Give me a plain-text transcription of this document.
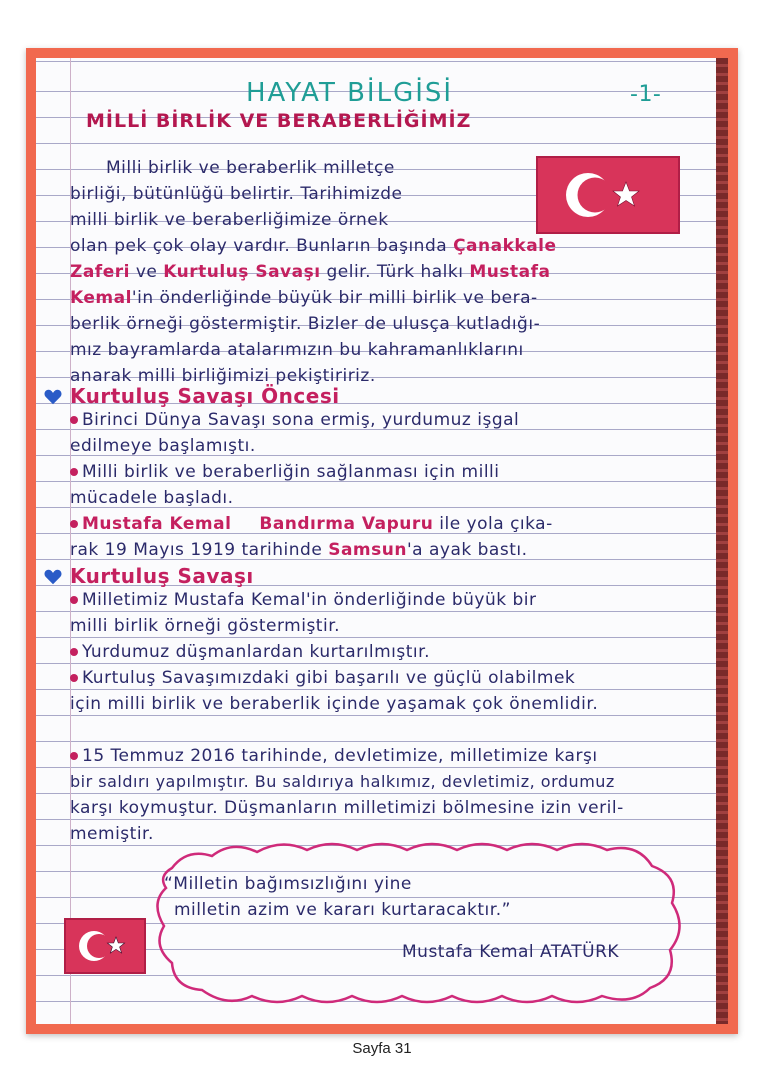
HAYAT BİLGİSİ	-1-
MİLLİ BİRLİK VE BERABERLİĞİMİZ
Milli birlik ve beraberlik milletçe
birliği, bütünlüğü belirtir. Tarihimizde
milli birlik ve beraberliğimize örnek
olan pek çok olay vardır. Bunların başında Çanakkale
Zaferi ve Kurtuluş Savaşı gelir. Türk halkı Mustafa
Kemal'in önderliğinde büyük bir milli birlik ve bera-
berlik örneği göstermiştir. Bizler de ulusça kutladığı-
mız bayramlarda atalarımızın bu kahramanlıklarını
anarak milli birliğimizi pekiştiririz.
Kurtuluş Savaşı Öncesi
Birinci Dünya Savaşı sona ermiş, yurdumuz işgal
edilmeye başlamıştı.
Milli birlik ve beraberliğin sağlanması için milli
mücadele başladı.
Mustafa Kemal Bandırma Vapuru ile yola çıka-
rak 19 Mayıs 1919 tarihinde Samsun'a ayak bastı.
Kurtuluş Savaşı
Milletimiz Mustafa Kemal'in önderliğinde büyük bir
milli birlik örneği göstermiştir.
Yurdumuz düşmanlardan kurtarılmıştır.
Kurtuluş Savaşımızdaki gibi başarılı ve güçlü olabilmek
için milli birlik ve beraberlik içinde yaşamak çok önemlidir.
15 Temmuz 2016 tarihinde, devletimize, milletimize karşı
bir saldırı yapılmıştır. Bu saldırıya halkımız, devletimiz, ordumuz
karşı koymuştur. Düşmanların milletimizi bölmesine izin veril-
memiştir.
“Milletin bağımsızlığını yine
milletin azim ve kararı kurtaracaktır.”
Mustafa Kemal ATATÜRK
Sayfa 31
